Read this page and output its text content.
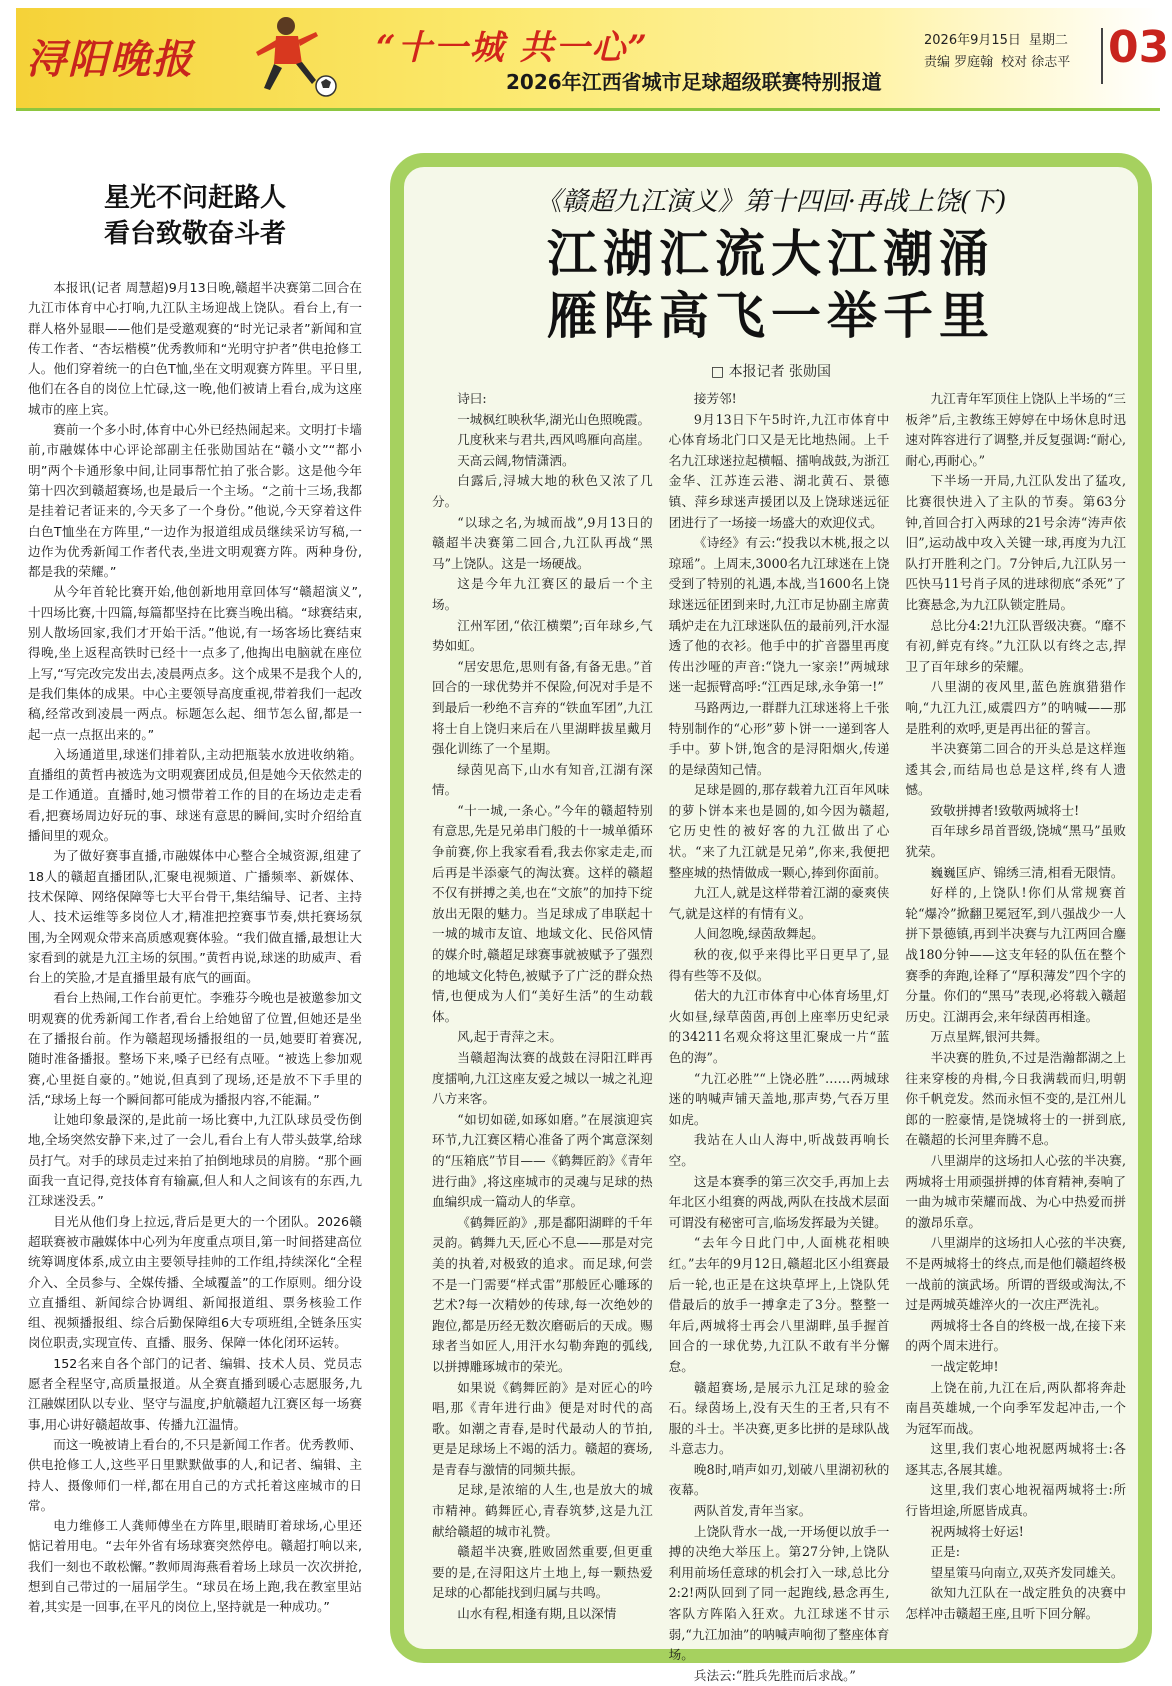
浔阳晚报	“十一城 共一心”
2026年江西省城市足球超级联赛特别报道
2026年9月15日 星期二
责编 罗庭翰 校对 徐志平 03
星光不问赶路人
看台致敬奋斗者

本报讯(记者 周慧超)9月13日晚,赣超半决赛第二回合在九江市体育中心打响,九江队主场迎战上饶队。看台上,有一群人格外显眼——他们是受邀观赛的“时光记录者”新闻和宣传工作者、“杏坛楷模”优秀教师和“光明守护者”供电抢修工人。他们穿着统一的白色T恤,坐在文明观赛方阵里。平日里,他们在各自的岗位上忙碌,这一晚,他们被请上看台,成为这座城市的座上宾。

赛前一个多小时,体育中心外已经热闹起来。文明打卡墙前,市融媒体中心评论部副主任张勋国站在“赣小文”“都小明”两个卡通形象中间,让同事帮忙拍了张合影。这是他今年第十四次到赣超赛场,也是最后一个主场。“之前十三场,我都是挂着记者证来的,今天多了一个身份。”他说,今天穿着这件白色T恤坐在方阵里,“一边作为报道组成员继续采访写稿,一边作为优秀新闻工作者代表,坐进文明观赛方阵。两种身份,都是我的荣耀。”

从今年首轮比赛开始,他创新地用章回体写“赣超演义”,十四场比赛,十四篇,每篇都坚持在比赛当晚出稿。“球赛结束,别人散场回家,我们才开始干活。”他说,有一场客场比赛结束得晚,坐上返程高铁时已经十一点多了,他掏出电脑就在座位上写,“写完改完发出去,凌晨两点多。这个成果不是我个人的,是我们集体的成果。中心主要领导高度重视,带着我们一起改稿,经常改到凌晨一两点。标题怎么起、细节怎么留,都是一起一点一点抠出来的。”

入场通道里,球迷们排着队,主动把瓶装水放进收纳箱。直播组的黄哲冉被选为文明观赛团成员,但是她今天依然走的是工作通道。直播时,她习惯带着工作的目的在场边走走看看,把赛场周边好玩的事、球迷有意思的瞬间,实时介绍给直播间里的观众。

为了做好赛事直播,市融媒体中心整合全城资源,组建了18人的赣超直播团队,汇聚电视频道、广播频率、新媒体、技术保障、网络保障等七大平台骨干,集结编导、记者、主持人、技术运维等多岗位人才,精准把控赛事节奏,烘托赛场氛围,为全网观众带来高质感观赛体验。“我们做直播,最想让大家看到的就是九江主场的氛围。”黄哲冉说,球迷的助威声、看台上的笑脸,才是直播里最有底气的画面。

看台上热闹,工作台前更忙。李雅芬今晚也是被邀参加文明观赛的优秀新闻工作者,看台上给她留了位置,但她还是坐在了播报台前。作为赣超现场播报组的一员,她要盯着赛况,随时准备播报。整场下来,嗓子已经有点哑。“被选上参加观赛,心里挺自豪的。”她说,但真到了现场,还是放不下手里的活,“球场上每一个瞬间都可能成为播报内容,不能漏。”

让她印象最深的,是此前一场比赛中,九江队球员受伤倒地,全场突然安静下来,过了一会儿,看台上有人带头鼓掌,给球员打气。对手的球员走过来拍了拍倒地球员的肩膀。“那个画面我一直记得,竞技体育有输赢,但人和人之间该有的东西,九江球迷没丢。”

目光从他们身上拉远,背后是更大的一个团队。2026赣超联赛被市融媒体中心列为年度重点项目,第一时间搭建高位统筹调度体系,成立由主要领导挂帅的工作组,持续深化“全程介入、全员参与、全媒传播、全域覆盖”的工作原则。细分设立直播组、新闻综合协调组、新闻报道组、票务核验工作组、视频播报组、综合后勤保障组6大专项班组,全链条压实岗位职责,实现宣传、直播、服务、保障一体化闭环运转。

152名来自各个部门的记者、编辑、技术人员、党员志愿者全程坚守,高质量报道。从全赛直播到暖心志愿服务,九江融媒团队以专业、坚守与温度,护航赣超九江赛区每一场赛事,用心讲好赣超故事、传播九江温情。

而这一晚被请上看台的,不只是新闻工作者。优秀教师、供电抢修工人,这些平日里默默做事的人,和记者、编辑、主持人、摄像师们一样,都在用自己的方式托着这座城市的日常。

电力维修工人龚师傅坐在方阵里,眼睛盯着球场,心里还惦记着用电。“去年外省有场球赛突然停电。赣超打响以来,我们一刻也不敢松懈。”教师周海燕看着场上球员一次次拼抢,想到自己带过的一届届学生。“球员在场上跑,我在教室里站着,其实是一回事,在平凡的岗位上,坚持就是一种成功。”

《赣超九江演义》第十四回·再战上饶(下)
江湖汇流大江潮涌
雁阵高飞一举千里
□ 本报记者 张勋国

诗曰:

一城枫红映秋华,湖光山色照晚霞。

几度秋来与君共,西风鸣雁向高崖。

天高云阔,物情潇洒。

白露后,浔城大地的秋色又浓了几分。

“以球之名,为城而战”,9月13日的赣超半决赛第二回合,九江队再战“黑马”上饶队。这是一场硬战。

这是今年九江赛区的最后一个主场。

江州军团,“依江横槊”;百年球乡,气势如虹。

“居安思危,思则有备,有备无患。”首回合的一球优势并不保险,何况对手是不到最后一秒绝不言弃的“铁血军团”,九江将士自上饶归来后在八里湖畔拔星戴月强化训练了一个星期。

绿茵见高下,山水有知音,江湖有深情。

“十一城,一条心。”今年的赣超特别有意思,先是兄弟串门般的十一城单循环争前赛,你上我家看看,我去你家走走,而后再是半添豪气的淘汰赛。这样的赣超不仅有拼搏之美,也在“文旅”的加持下绽放出无限的魅力。当足球成了串联起十一城的城市友谊、地域文化、民俗风情的媒介时,赣超足球赛事就被赋予了强烈的地域文化特色,被赋予了广泛的群众热情,也便成为人们“美好生活”的生动载体。

风,起于青萍之末。

当赣超淘汰赛的战鼓在浔阳江畔再度擂响,九江这座友爱之城以一城之礼迎八方来客。

“如切如磋,如琢如磨。”在展演迎宾环节,九江赛区精心准备了两个寓意深刻的“压箱底”节目——《鹤舞匠韵》《青年进行曲》,将这座城市的灵魂与足球的热血编织成一篇动人的华章。

《鹤舞匠韵》,那是鄱阳湖畔的千年灵韵。鹤舞九天,匠心不息——那是对完美的执着,对极致的追求。而足球,何尝不是一门需要“样式雷”那般匠心雕琢的艺术?每一次精妙的传球,每一次绝妙的跑位,都是历经无数次磨砺后的天成。赐球者当如匠人,用汗水勾勒奔跑的弧线,以拼搏雕琢城市的荣光。

如果说《鹤舞匠韵》是对匠心的吟唱,那《青年进行曲》便是对时代的高歌。如潮之青春,是时代最动人的节拍,更是足球场上不竭的活力。赣超的赛场,是青春与激情的同频共振。

足球,是浓缩的人生,也是放大的城市精神。鹤舞匠心,青春筑梦,这是九江献给赣超的城市礼赞。

赣超半决赛,胜败固然重要,但更重要的是,在浔阳这片土地上,每一颗热爱足球的心都能找到归属与共鸣。

山水有程,相逢有期,且以深情

接芳邻!

9月13日下午5时许,九江市体育中心体育场北门口又是无比地热闹。上千名九江球迷拉起横幅、擂响战鼓,为浙江金华、江苏连云港、湖北黄石、景德镇、萍乡球迷声援团以及上饶球迷远征团进行了一场接一场盛大的欢迎仪式。

《诗经》有云:“投我以木桃,报之以琼瑶”。上周末,3000名九江球迷在上饶受到了特别的礼遇,本战,当1600名上饶球迷远征团到来时,九江市足协副主席黄瑀炉走在九江球迷队伍的最前列,汗水湿透了他的衣衫。他手中的扩音器里再度传出沙哑的声音:“饶九一家亲!”两城球迷一起振臂高呼:“江西足球,永争第一!”

马路两边,一群群九江球迷将上千张特别制作的“心形”萝卜饼一一递到客人手中。萝卜饼,饱含的是浔阳烟火,传递的是绿茵知己情。

足球是圆的,那存载着九江百年风味的萝卜饼本来也是圆的,如今因为赣超,它历史性的被好客的九江做出了心状。“来了九江就是兄弟”,你来,我便把整座城的热情做成一颗心,捧到你面前。

九江人,就是这样带着江湖的豪爽侠气,就是这样的有情有义。

人间忽晚,绿茵敌舞起。

秋的夜,似乎来得比平日更早了,显得有些等不及似。

偌大的九江市体育中心体育场里,灯火如昼,绿草茵茵,再创上座率历史纪录的34211名观众将这里汇聚成一片“蓝色的海”。

“九江必胜”“上饶必胜”……两城球迷的呐喊声铺天盖地,那声势,气吞万里如虎。

我站在人山人海中,听战鼓再响长空。

这是本赛季的第三次交手,再加上去年北区小组赛的两战,两队在技战术层面可谓没有秘密可言,临场发挥最为关键。

“去年今日此门中,人面桃花相映红。”去年的9月12日,赣超北区小组赛最后一轮,也正是在这块草坪上,上饶队凭借最后的放手一搏拿走了3分。整整一年后,两城将士再会八里湖畔,虽手握首回合的一球优势,九江队不敢有半分懈怠。

赣超赛场,是展示九江足球的验金石。绿茵场上,没有天生的王者,只有不服的斗士。半决赛,更多比拼的是球队战斗意志力。

晚8时,哨声如刃,划破八里湖初秋的夜幕。

两队首发,青年当家。

上饶队背水一战,一开场便以放手一搏的决绝大举压上。第27分钟,上饶队利用前场任意球的机会打入一球,总比分2:2!两队回到了同一起跑线,悬念再生,客队方阵陷入狂欢。九江球迷不甘示弱,“九江加油”的呐喊声响彻了整座体育场。

兵法云:“胜兵先胜而后求战。”

九江青年军顶住上饶队上半场的“三板斧”后,主教练王婷婷在中场休息时迅速对阵容进行了调整,并反复强调:“耐心,耐心,再耐心。”

下半场一开局,九江队发出了猛攻,比赛很快进入了主队的节奏。第63分钟,首回合打入两球的21号余涛“涛声依旧”,运动战中攻入关键一球,再度为九江队打开胜利之门。7分钟后,九江队另一匹快马11号肖子凤的进球彻底“杀死”了比赛悬念,为九江队锁定胜局。

总比分4:2!九江队晋级决赛。“靡不有初,鲜克有终。”九江队以有终之志,捍卫了百年球乡的荣耀。

八里湖的夜风里,蓝色旌旗猎猎作响,“九江九江,威震四方”的呐喊——那是胜利的欢呼,更是再出征的誓言。

半决赛第二回合的开头总是这样迤逶其会,而结局也总是这样,终有人遗憾。

致敬拼搏者!致敬两城将士!

百年球乡昂首晋级,饶城“黑马”虽败犹荣。

巍巍匡庐、锦绣三清,相看无限情。

好样的,上饶队!你们从常规赛首轮“爆冷”掀翻卫冕冠军,到八强战少一人拼下景德镇,再到半决赛与九江两回合鏖战180分钟——这支年轻的队伍在整个赛季的奔跑,诠释了“厚积薄发”四个字的分量。你们的“黑马”表现,必将载入赣超历史。江湖再会,来年绿茵再相逢。

万点星辉,银河共舞。

半决赛的胜负,不过是浩瀚都湖之上往来穿梭的舟楫,今日我满载而归,明朝你千帆竞发。然而永恒不变的,是江州儿郎的一腔豪情,是饶城将士的一拼到底,在赣超的长河里奔腾不息。

八里湖岸的这场扣人心弦的半决赛,两城将士用顽强拼搏的体育精神,奏响了一曲为城市荣耀而战、为心中热爱而拼的激昂乐章。

八里湖岸的这场扣人心弦的半决赛,不是两城将士的终点,而是他们赣超终极一战前的演武场。所谓的晋级或淘汰,不过是两城英雄淬火的一次庄严洗礼。

两城将士各自的终极一战,在接下来的两个周末进行。

一战定乾坤!

上饶在前,九江在后,两队都将奔赴南昌英雄城,一个向季军发起冲击,一个为冠军而战。

这里,我们衷心地祝愿两城将士:各逐其志,各展其雄。

这里,我们衷心地祝福两城将士:所行皆坦途,所愿皆成真。

祝两城将士好运!

正是:

望星策马向南立,双英齐发同雄关。

欲知九江队在一战定胜负的决赛中怎样冲击赣超王座,且听下回分解。
